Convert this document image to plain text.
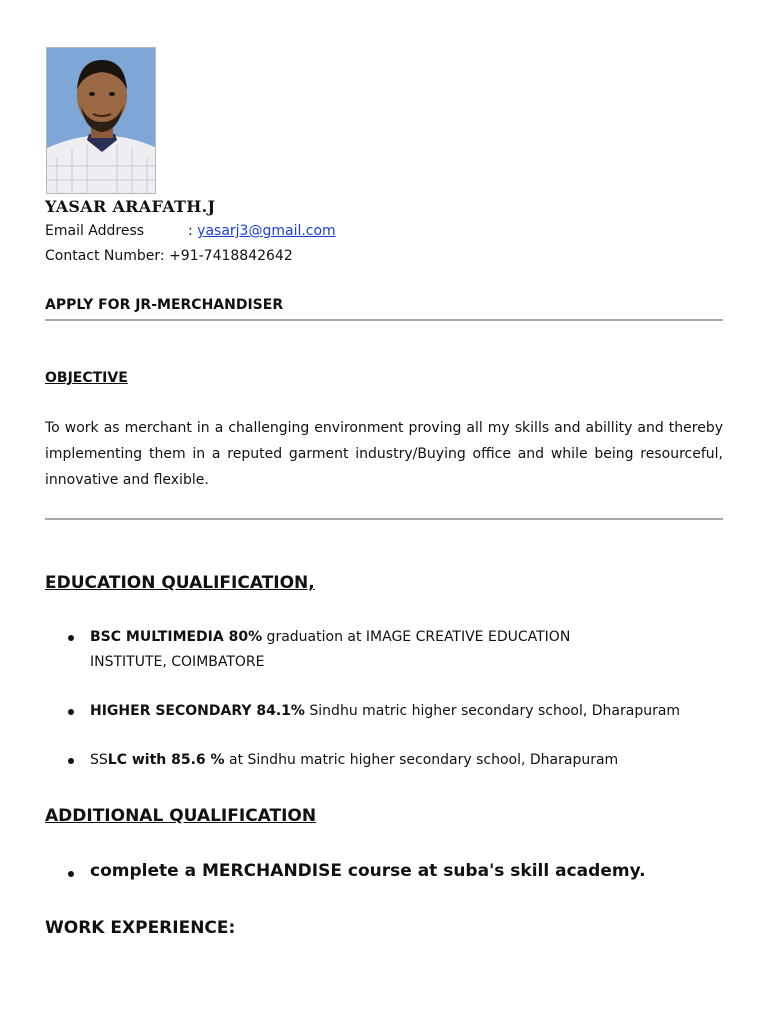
YASAR ARAFATH.J
Email Address	: yasarj3@gmail.com
Contact Number: +91-7418842642
APPLY FOR JR-MERCHANDISER
OBJECTIVE
To work as merchant in a challenging environment proving all my skills and abillity and thereby implementing them in a reputed garment industry/Buying office and while being resourceful, innovative and flexible.
EDUCATION QUALIFICATION,
BSC MULTIMEDIA 80% graduation at IMAGE CREATIVE EDUCATION INSTITUTE, COIMBATORE
HIGHER SECONDARY 84.1% Sindhu matric higher secondary school, Dharapuram
SSLC with 85.6 % at Sindhu matric higher secondary school, Dharapuram
ADDITIONAL QUALIFICATION
complete a MERCHANDISE course at suba's skill academy.
WORK EXPERIENCE:
